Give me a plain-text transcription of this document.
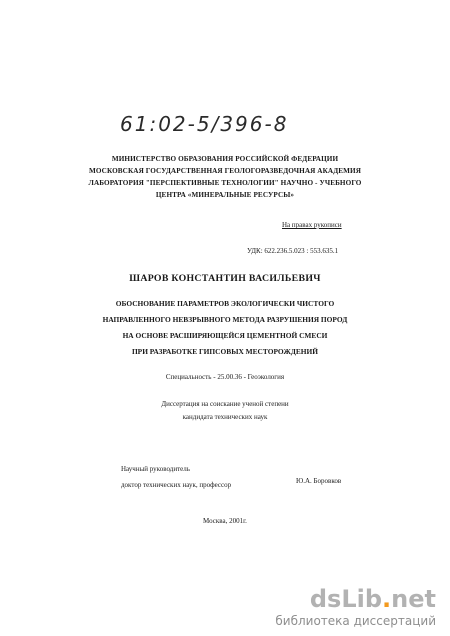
61:02-5/396-8
МИНИСТЕРСТВО ОБРАЗОВАНИЯ РОССИЙСКОЙ ФЕДЕРАЦИИ
МОСКОВСКАЯ ГОСУДАРСТВЕННАЯ ГЕОЛОГОРАЗВЕДОЧНАЯ АКАДЕМИЯ
ЛАБОРАТОРИЯ "ПЕРСПЕКТИВНЫЕ ТЕХНОЛОГИИ" НАУЧНО - УЧЕБНОГО
ЦЕНТРА «МИНЕРАЛЬНЫЕ РЕСУРСЫ»
На правах рукописи
УДК: 622.236.5.023 : 553.635.1
ШАРОВ КОНСТАНТИН ВАСИЛЬЕВИЧ
ОБОСНОВАНИЕ ПАРАМЕТРОВ ЭКОЛОГИЧЕСКИ ЧИСТОГО
НАПРАВЛЕННОГО НЕВЗРЫВНОГО МЕТОДА РАЗРУШЕНИЯ ПОРОД
НА ОСНОВЕ РАСШИРЯЮЩЕЙСЯ ЦЕМЕНТНОЙ СМЕСИ
ПРИ РАЗРАБОТКЕ ГИПСОВЫХ МЕСТОРОЖДЕНИЙ
Специальность - 25.00.36 - Геоэкология
Диссертация на соискание ученой степени
кандидата технических наук
Научный руководитель
доктор технических наук, профессор	Ю.А. Боровков
Москва, 2001г.
dsLib.net
библиотека диссертаций
